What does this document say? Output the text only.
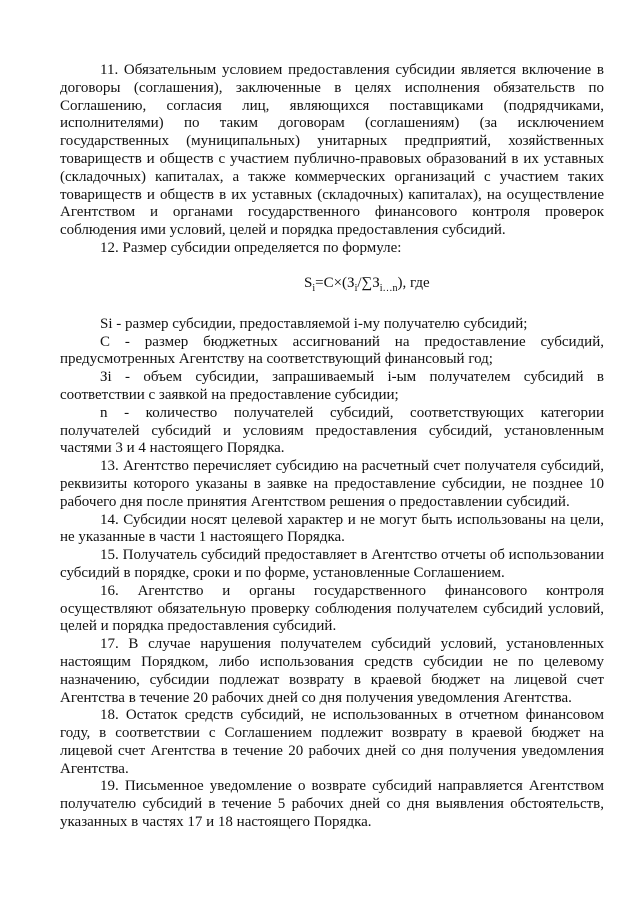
11. Обязательным условием предоставления субсидии является включение в договоры (соглашения), заключенные в целях исполнения обязательств по Соглашению, согласия лиц, являющихся поставщиками (подрядчиками, исполнителями) по таким договорам (соглашениям) (за исключением государственных (муниципальных) унитарных предприятий, хозяйственных товариществ и обществ с участием публично-правовых образований в их уставных (складочных) капиталах, а также коммерческих организаций с участием таких товариществ и обществ в их уставных (складочных) капиталах), на осуществление Агентством и органами государственного финансового контроля проверок соблюдения ими условий, целей и порядка предоставления субсидий.

12. Размер субсидии определяется по формуле:

$S_i=С\times(З_i/\sum З_{i\dots n})$, где

Si - размер субсидии, предоставляемой i-му получателю субсидий;

С - размер бюджетных ассигнований на предоставление субсидий, предусмотренных Агентству на соответствующий финансовый год;

Зi - объем субсидии, запрашиваемый i-ым получателем субсидий в соответствии с заявкой на предоставление субсидии;

n - количество получателей субсидий, соответствующих категории получателей субсидий и условиям предоставления субсидий, установленным частями 3 и 4 настоящего Порядка.

13. Агентство перечисляет субсидию на расчетный счет получателя субсидий, реквизиты которого указаны в заявке на предоставление субсидии, не позднее 10 рабочего дня после принятия Агентством решения о предоставлении субсидий.

14. Субсидии носят целевой характер и не могут быть использованы на цели, не указанные в части 1 настоящего Порядка.

15. Получатель субсидий предоставляет в Агентство отчеты об использовании субсидий в порядке, сроки и по форме, установленные Соглашением.

16. Агентство и органы государственного финансового контроля осуществляют обязательную проверку соблюдения получателем субсидий условий, целей и порядка предоставления субсидий.

17. В случае нарушения получателем субсидий условий, установленных настоящим Порядком, либо использования средств субсидии не по целевому назначению, субсидии подлежат возврату в краевой бюджет на лицевой счет Агентства в течение 20 рабочих дней со дня получения уведомления Агентства.

18. Остаток средств субсидий, не использованных в отчетном финансовом году, в соответствии с Соглашением подлежит возврату в краевой бюджет на лицевой счет Агентства в течение 20 рабочих дней со дня получения уведомления Агентства.

19. Письменное уведомление о возврате субсидий направляется Агентством получателю субсидий в течение 5 рабочих дней со дня выявления обстоятельств, указанных в частях 17 и 18 настоящего Порядка.
